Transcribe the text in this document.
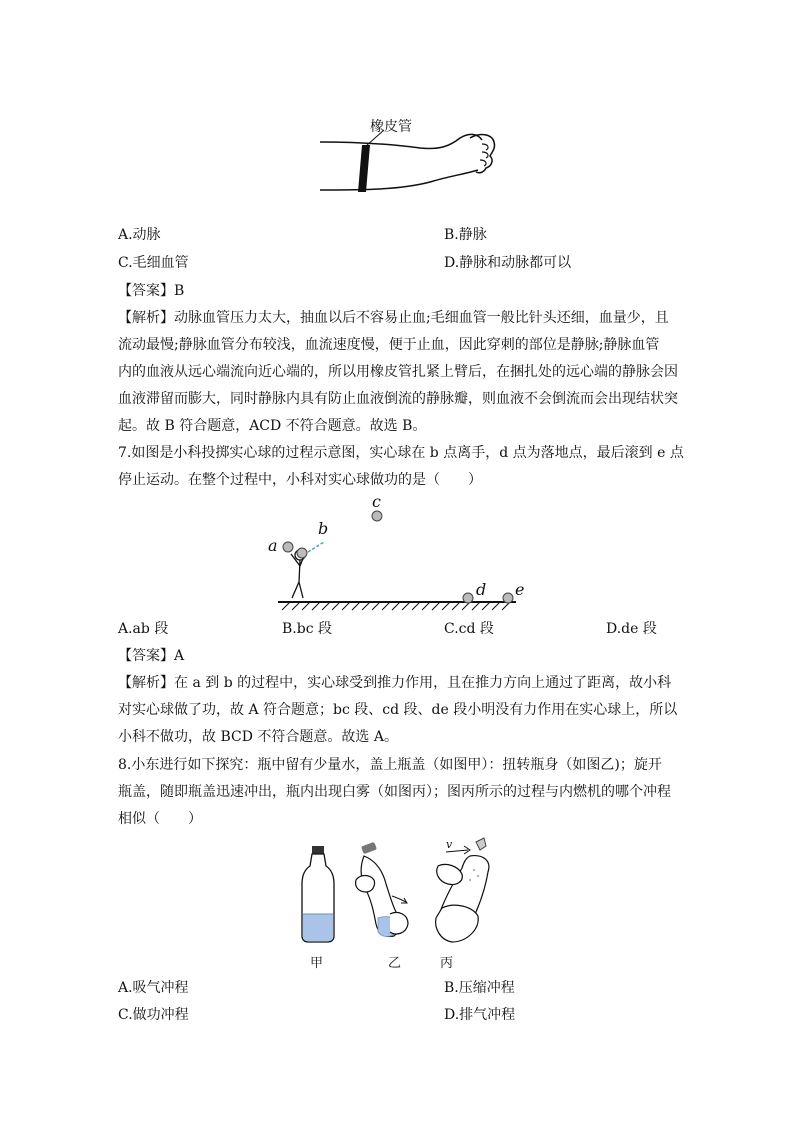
橡皮管
A.动脉	B.静脉
C.毛细血管	D.静脉和动脉都可以
【答案】B
【解析】动脉血管压力太大，抽血以后不容易止血;毛细血管一般比针头还细，血量少，且
流动最慢;静脉血管分布较浅，血流速度慢，便于止血，因此穿刺的部位是静脉;静脉血管
内的血液从远心端流向近心端的，所以用橡皮管扎紧上臂后，在捆扎处的远心端的静脉会因
血液滞留而膨大，同时静脉内具有防止血液倒流的静脉瓣，则血液不会倒流而会出现结状突
起。故 B 符合题意，ACD 不符合题意。故选 B。
7.如图是小科投掷实心球的过程示意图，实心球在 b 点离手，d 点为落地点，最后滚到 e 点
停止运动。在整个过程中，小科对实心球做功的是（　　）
a
b
c
d e
A.ab 段	B.bc 段	C.cd 段	D.de 段
【答案】A
【解析】在 a 到 b 的过程中，实心球受到推力作用，且在推力方向上通过了距离，故小科
对实心球做了功，故 A 符合题意；bc 段、cd 段、de 段小明没有力作用在实心球上，所以
小科不做功，故 BCD 不符合题意。故选 A。
8.小东进行如下探究：瓶中留有少量水，盖上瓶盖（如图甲）：扭转瓶身（如图乙)；旋开
瓶盖，随即瓶盖迅速冲出，瓶内出现白雾（如图丙）；图丙所示的过程与内燃机的哪个冲程
相似（　　）
v
甲	乙	丙
A.吸气冲程	B.压缩冲程
C.做功冲程	D.排气冲程
